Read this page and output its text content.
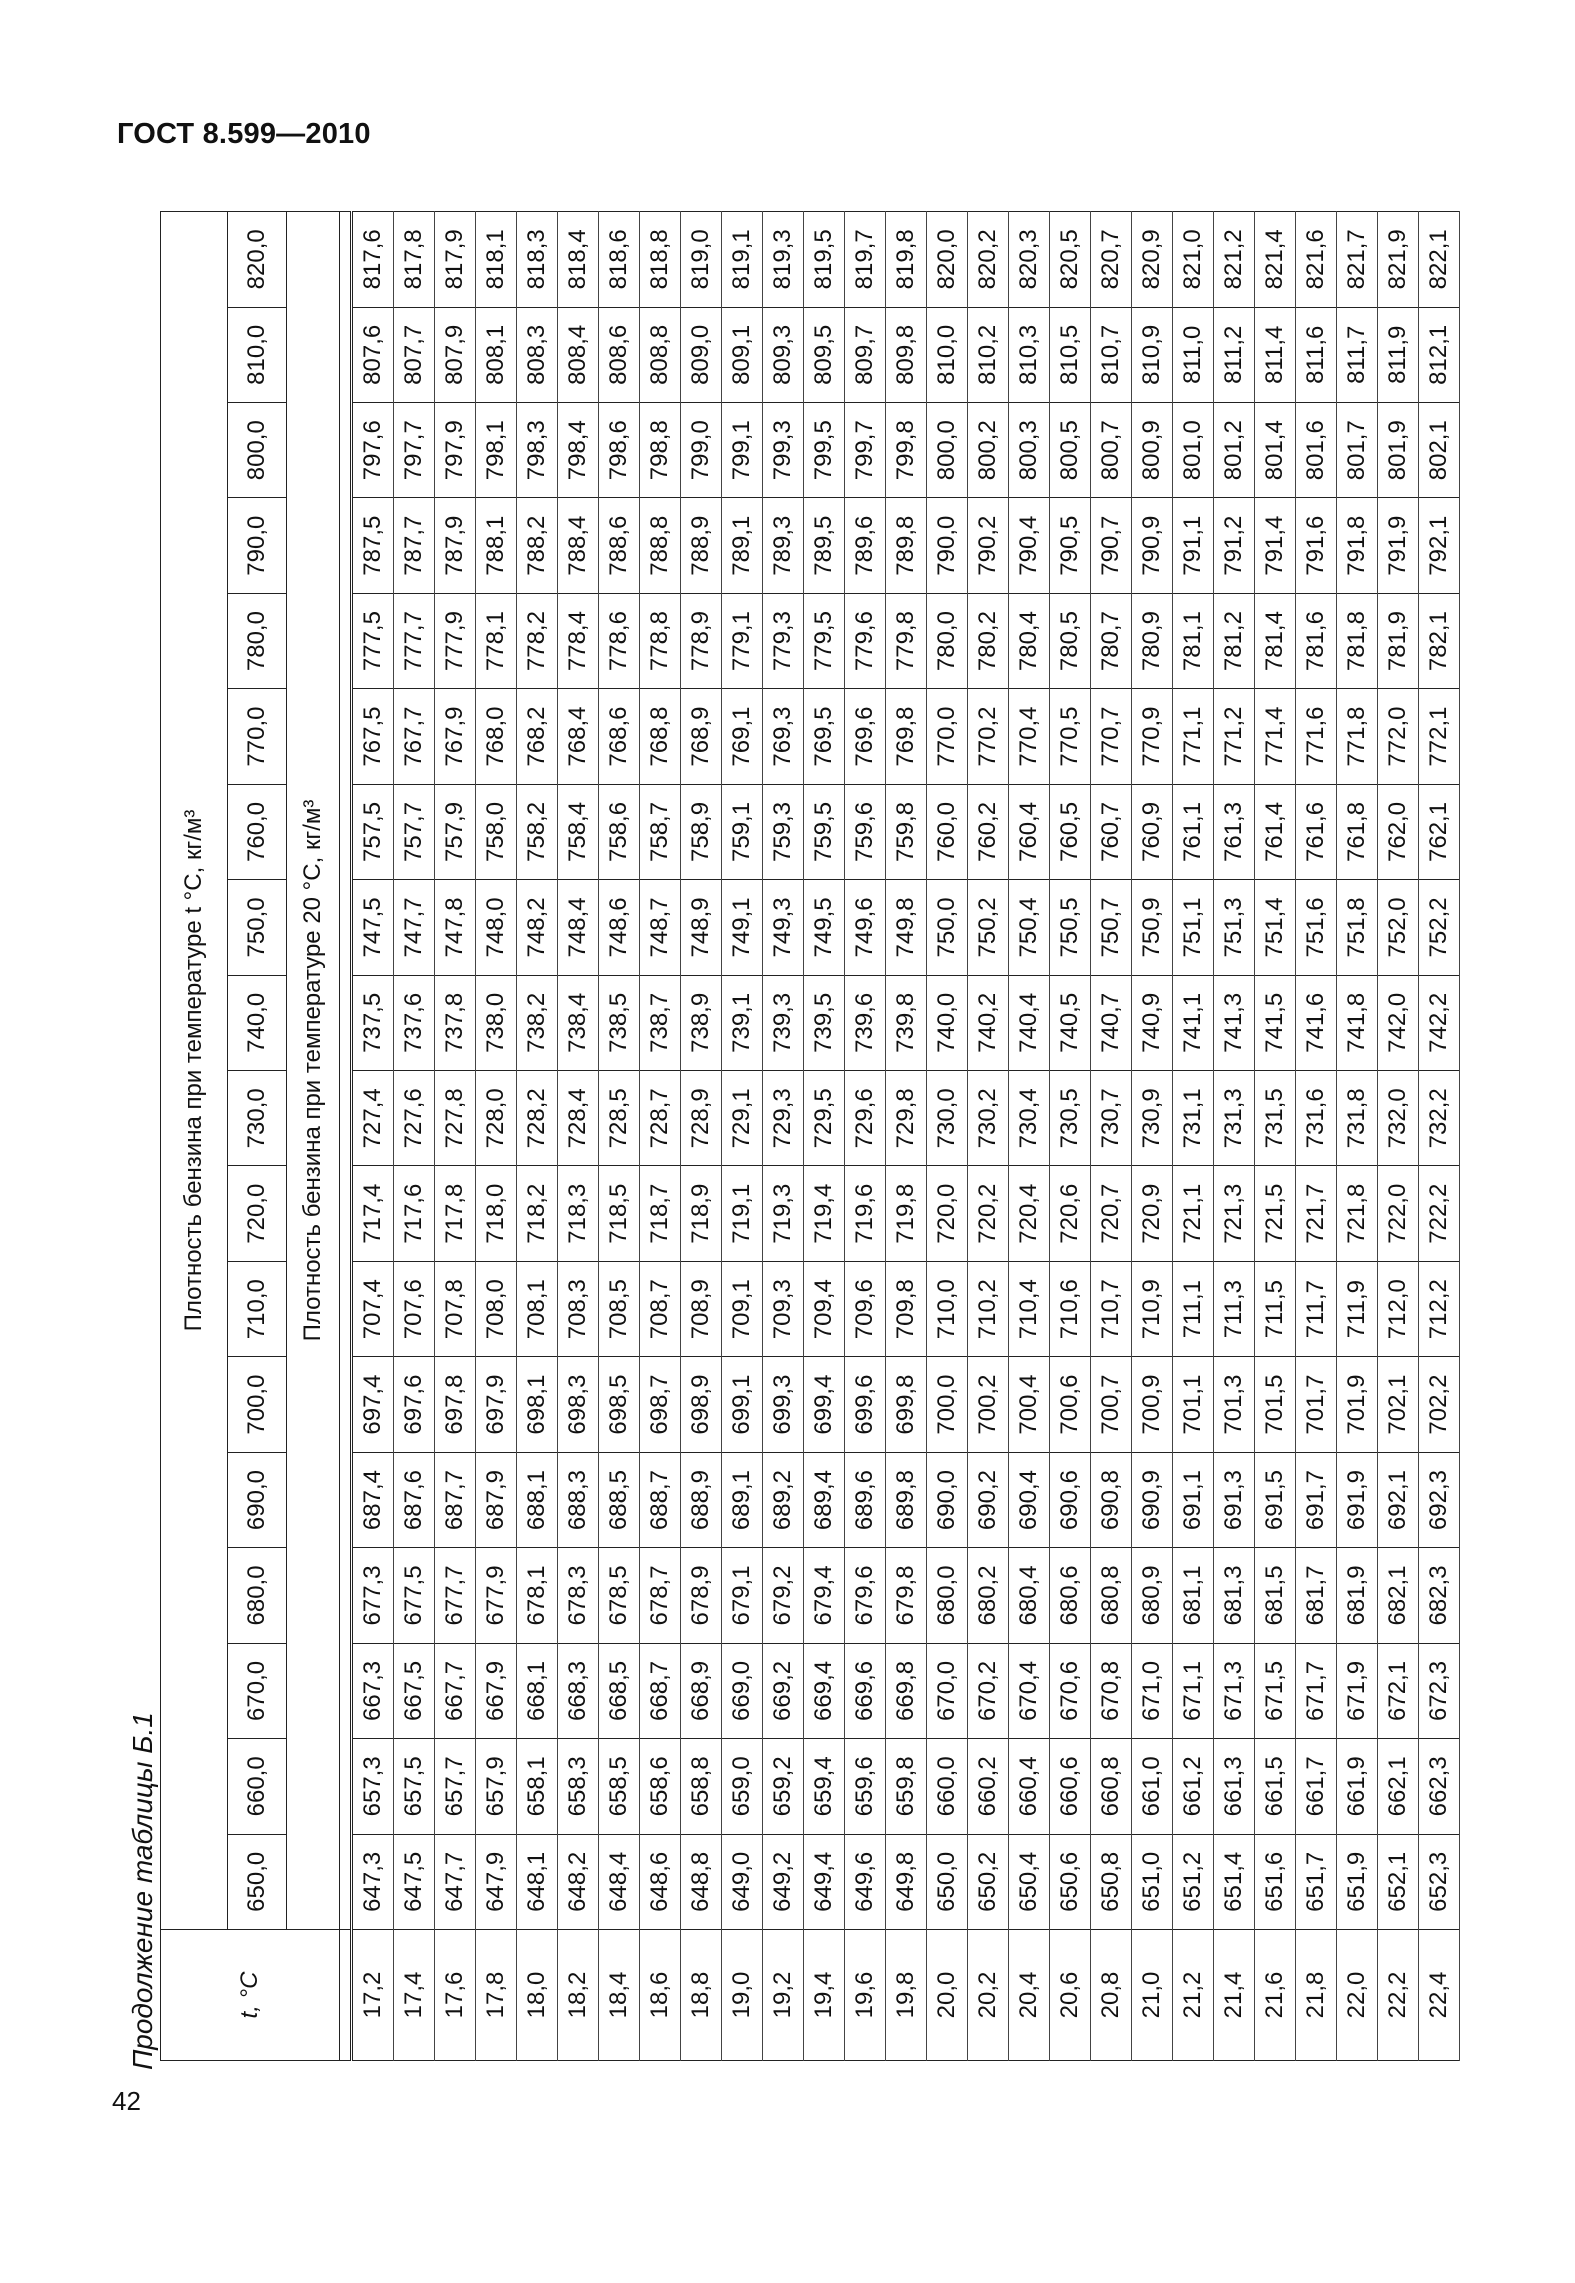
ГОСТ 8.599—2010
Продолжение таблицы Б.1
42
t, °C	Плотность бензина при температуре t °C, кг/м³																	
	650,0	660,0	670,0	680,0	690,0	700,0	710,0	720,0	730,0	740,0	750,0	760,0	770,0	780,0	790,0	800,0	810,0	820,0
	Плотность бензина при температуре 20 °C, кг/м³																	

17,2	647,3	657,3	667,3	677,3	687,4	697,4	707,4	717,4	727,4	737,5	747,5	757,5	767,5	777,5	787,5	797,6	807,6	817,6
17,4	647,5	657,5	667,5	677,5	687,6	697,6	707,6	717,6	727,6	737,6	747,7	757,7	767,7	777,7	787,7	797,7	807,7	817,8
17,6	647,7	657,7	667,7	677,7	687,7	697,8	707,8	717,8	727,8	737,8	747,8	757,9	767,9	777,9	787,9	797,9	807,9	817,9
17,8	647,9	657,9	667,9	677,9	687,9	697,9	708,0	718,0	728,0	738,0	748,0	758,0	768,0	778,1	788,1	798,1	808,1	818,1
18,0	648,1	658,1	668,1	678,1	688,1	698,1	708,1	718,2	728,2	738,2	748,2	758,2	768,2	778,2	788,2	798,3	808,3	818,3
18,2	648,2	658,3	668,3	678,3	688,3	698,3	708,3	718,3	728,4	738,4	748,4	758,4	768,4	778,4	788,4	798,4	808,4	818,4
18,4	648,4	658,5	668,5	678,5	688,5	698,5	708,5	718,5	728,5	738,5	748,6	758,6	768,6	778,6	788,6	798,6	808,6	818,6
18,6	648,6	658,6	668,7	678,7	688,7	698,7	708,7	718,7	728,7	738,7	748,7	758,7	768,8	778,8	788,8	798,8	808,8	818,8
18,8	648,8	658,8	668,9	678,9	688,9	698,9	708,9	718,9	728,9	738,9	748,9	758,9	768,9	778,9	788,9	799,0	809,0	819,0
19,0	649,0	659,0	669,0	679,1	689,1	699,1	709,1	719,1	729,1	739,1	749,1	759,1	769,1	779,1	789,1	799,1	809,1	819,1
19,2	649,2	659,2	669,2	679,2	689,2	699,3	709,3	719,3	729,3	739,3	749,3	759,3	769,3	779,3	789,3	799,3	809,3	819,3
19,4	649,4	659,4	669,4	679,4	689,4	699,4	709,4	719,4	729,5	739,5	749,5	759,5	769,5	779,5	789,5	799,5	809,5	819,5
19,6	649,6	659,6	669,6	679,6	689,6	699,6	709,6	719,6	729,6	739,6	749,6	759,6	769,6	779,6	789,6	799,7	809,7	819,7
19,8	649,8	659,8	669,8	679,8	689,8	699,8	709,8	719,8	729,8	739,8	749,8	759,8	769,8	779,8	789,8	799,8	809,8	819,8
20,0	650,0	660,0	670,0	680,0	690,0	700,0	710,0	720,0	730,0	740,0	750,0	760,0	770,0	780,0	790,0	800,0	810,0	820,0
20,2	650,2	660,2	670,2	680,2	690,2	700,2	710,2	720,2	730,2	740,2	750,2	760,2	770,2	780,2	790,2	800,2	810,2	820,2
20,4	650,4	660,4	670,4	680,4	690,4	700,4	710,4	720,4	730,4	740,4	750,4	760,4	770,4	780,4	790,4	800,3	810,3	820,3
20,6	650,6	660,6	670,6	680,6	690,6	700,6	710,6	720,6	730,5	740,5	750,5	760,5	770,5	780,5	790,5	800,5	810,5	820,5
20,8	650,8	660,8	670,8	680,8	690,8	700,7	710,7	720,7	730,7	740,7	750,7	760,7	770,7	780,7	790,7	800,7	810,7	820,7
21,0	651,0	661,0	671,0	680,9	690,9	700,9	710,9	720,9	730,9	740,9	750,9	760,9	770,9	780,9	790,9	800,9	810,9	820,9
21,2	651,2	661,2	671,1	681,1	691,1	701,1	711,1	721,1	731,1	741,1	751,1	761,1	771,1	781,1	791,1	801,0	811,0	821,0
21,4	651,4	661,3	671,3	681,3	691,3	701,3	711,3	721,3	731,3	741,3	751,3	761,3	771,2	781,2	791,2	801,2	811,2	821,2
21,6	651,6	661,5	671,5	681,5	691,5	701,5	711,5	721,5	731,5	741,5	751,4	761,4	771,4	781,4	791,4	801,4	811,4	821,4
21,8	651,7	661,7	671,7	681,7	691,7	701,7	711,7	721,7	731,6	741,6	751,6	761,6	771,6	781,6	791,6	801,6	811,6	821,6
22,0	651,9	661,9	671,9	681,9	691,9	701,9	711,9	721,8	731,8	741,8	751,8	761,8	771,8	781,8	791,8	801,7	811,7	821,7
22,2	652,1	662,1	672,1	682,1	692,1	702,1	712,0	722,0	732,0	742,0	752,0	762,0	772,0	781,9	791,9	801,9	811,9	821,9
22,4	652,3	662,3	672,3	682,3	692,3	702,2	712,2	722,2	732,2	742,2	752,2	762,1	772,1	782,1	792,1	802,1	812,1	822,1
